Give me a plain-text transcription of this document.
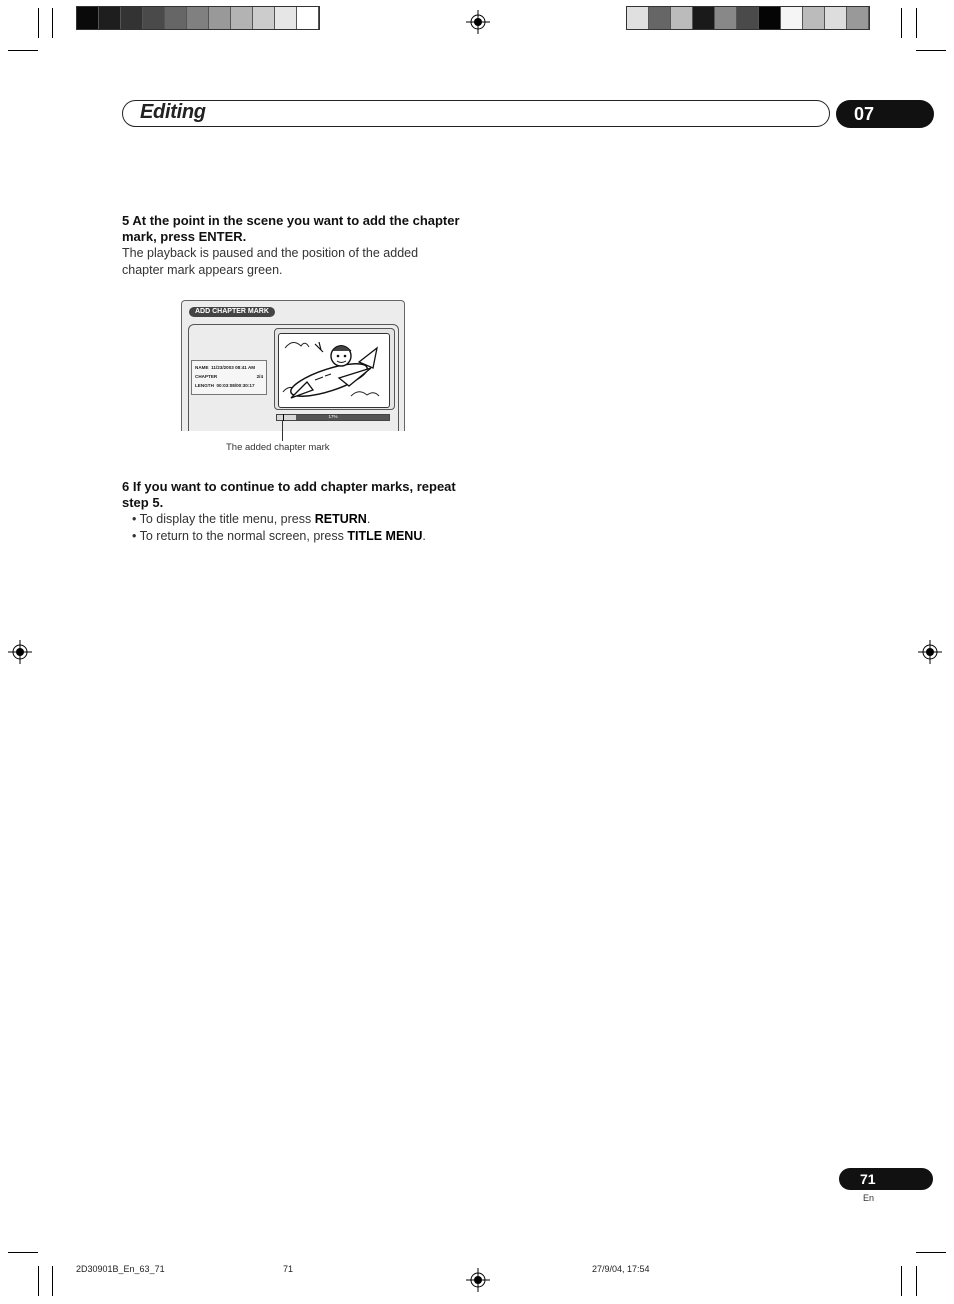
Editing	07
5 At the point in the scene you want to add the chapter mark, press ENTER.
The playback is paused and the position of the added chapter mark appears green.
ADD CHAPTER MARK
NAME 11/23/2003 08:41 AM
CHAPTER	2/4
LENGTH 00:03:08/00:30:17
17%
The added chapter mark
6 If you want to continue to add chapter marks, repeat step 5.
• To display the title menu, press RETURN.
• To return to the normal screen, press TITLE MENU.
71
En
2D30901B_En_63_71	71	27/9/04, 17:54
